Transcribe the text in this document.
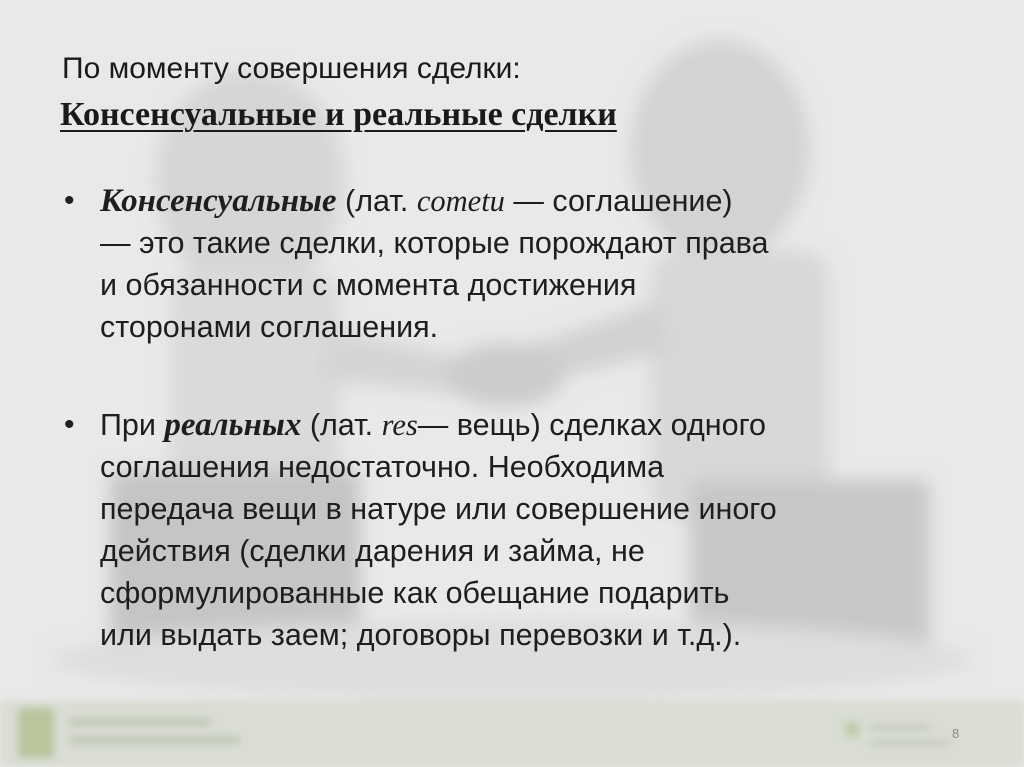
По моменту совершения сделки:
Консенсуальные и реальные сделки
• Консенсуальные (лат. cometu — соглашение)
— это такие сделки, которые порождают права
и обязанности с момента достижения
сторонами соглашения.
• При реальных (лат. res— вещь) сделках одного
соглашения недостаточно. Необходима
передача вещи в натуре или совершение иного
действия (сделки дарения и займа, не
сформулированные как обещание подарить
или выдать заем; договоры перевозки и т.д.).
8
